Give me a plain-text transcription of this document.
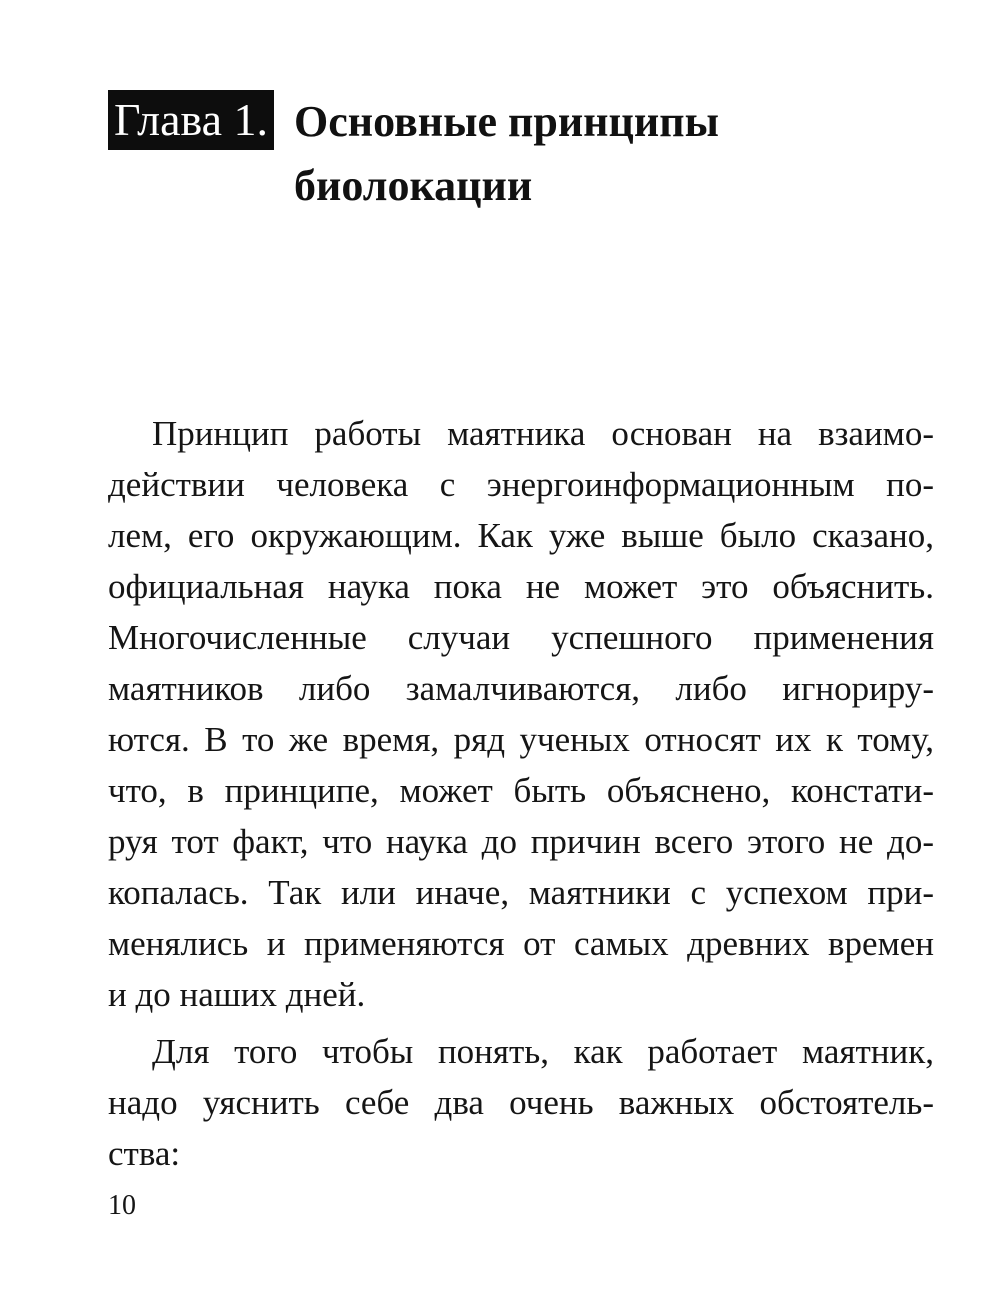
Глава 1. Основные принципы
биолокации

Принцип работы маятника основан на взаимо-
действии человека с энергоинформационным по-
лем, его окружающим. Как уже выше было сказано,
официальная наука пока не может это объяснить.
Многочисленные случаи успешного применения
маятников либо замалчиваются, либо игнориру-
ются. В то же время, ряд ученых относят их к тому,
что, в принципе, может быть объяснено, констати-
руя тот факт, что наука до причин всего этого не до-
копалась. Так или иначе, маятники с успехом при-
менялись и применяются от самых древних времен
и до наших дней.

Для того чтобы понять, как работает маятник,
надо уяснить себе два очень важных обстоятель-
ства:

10
